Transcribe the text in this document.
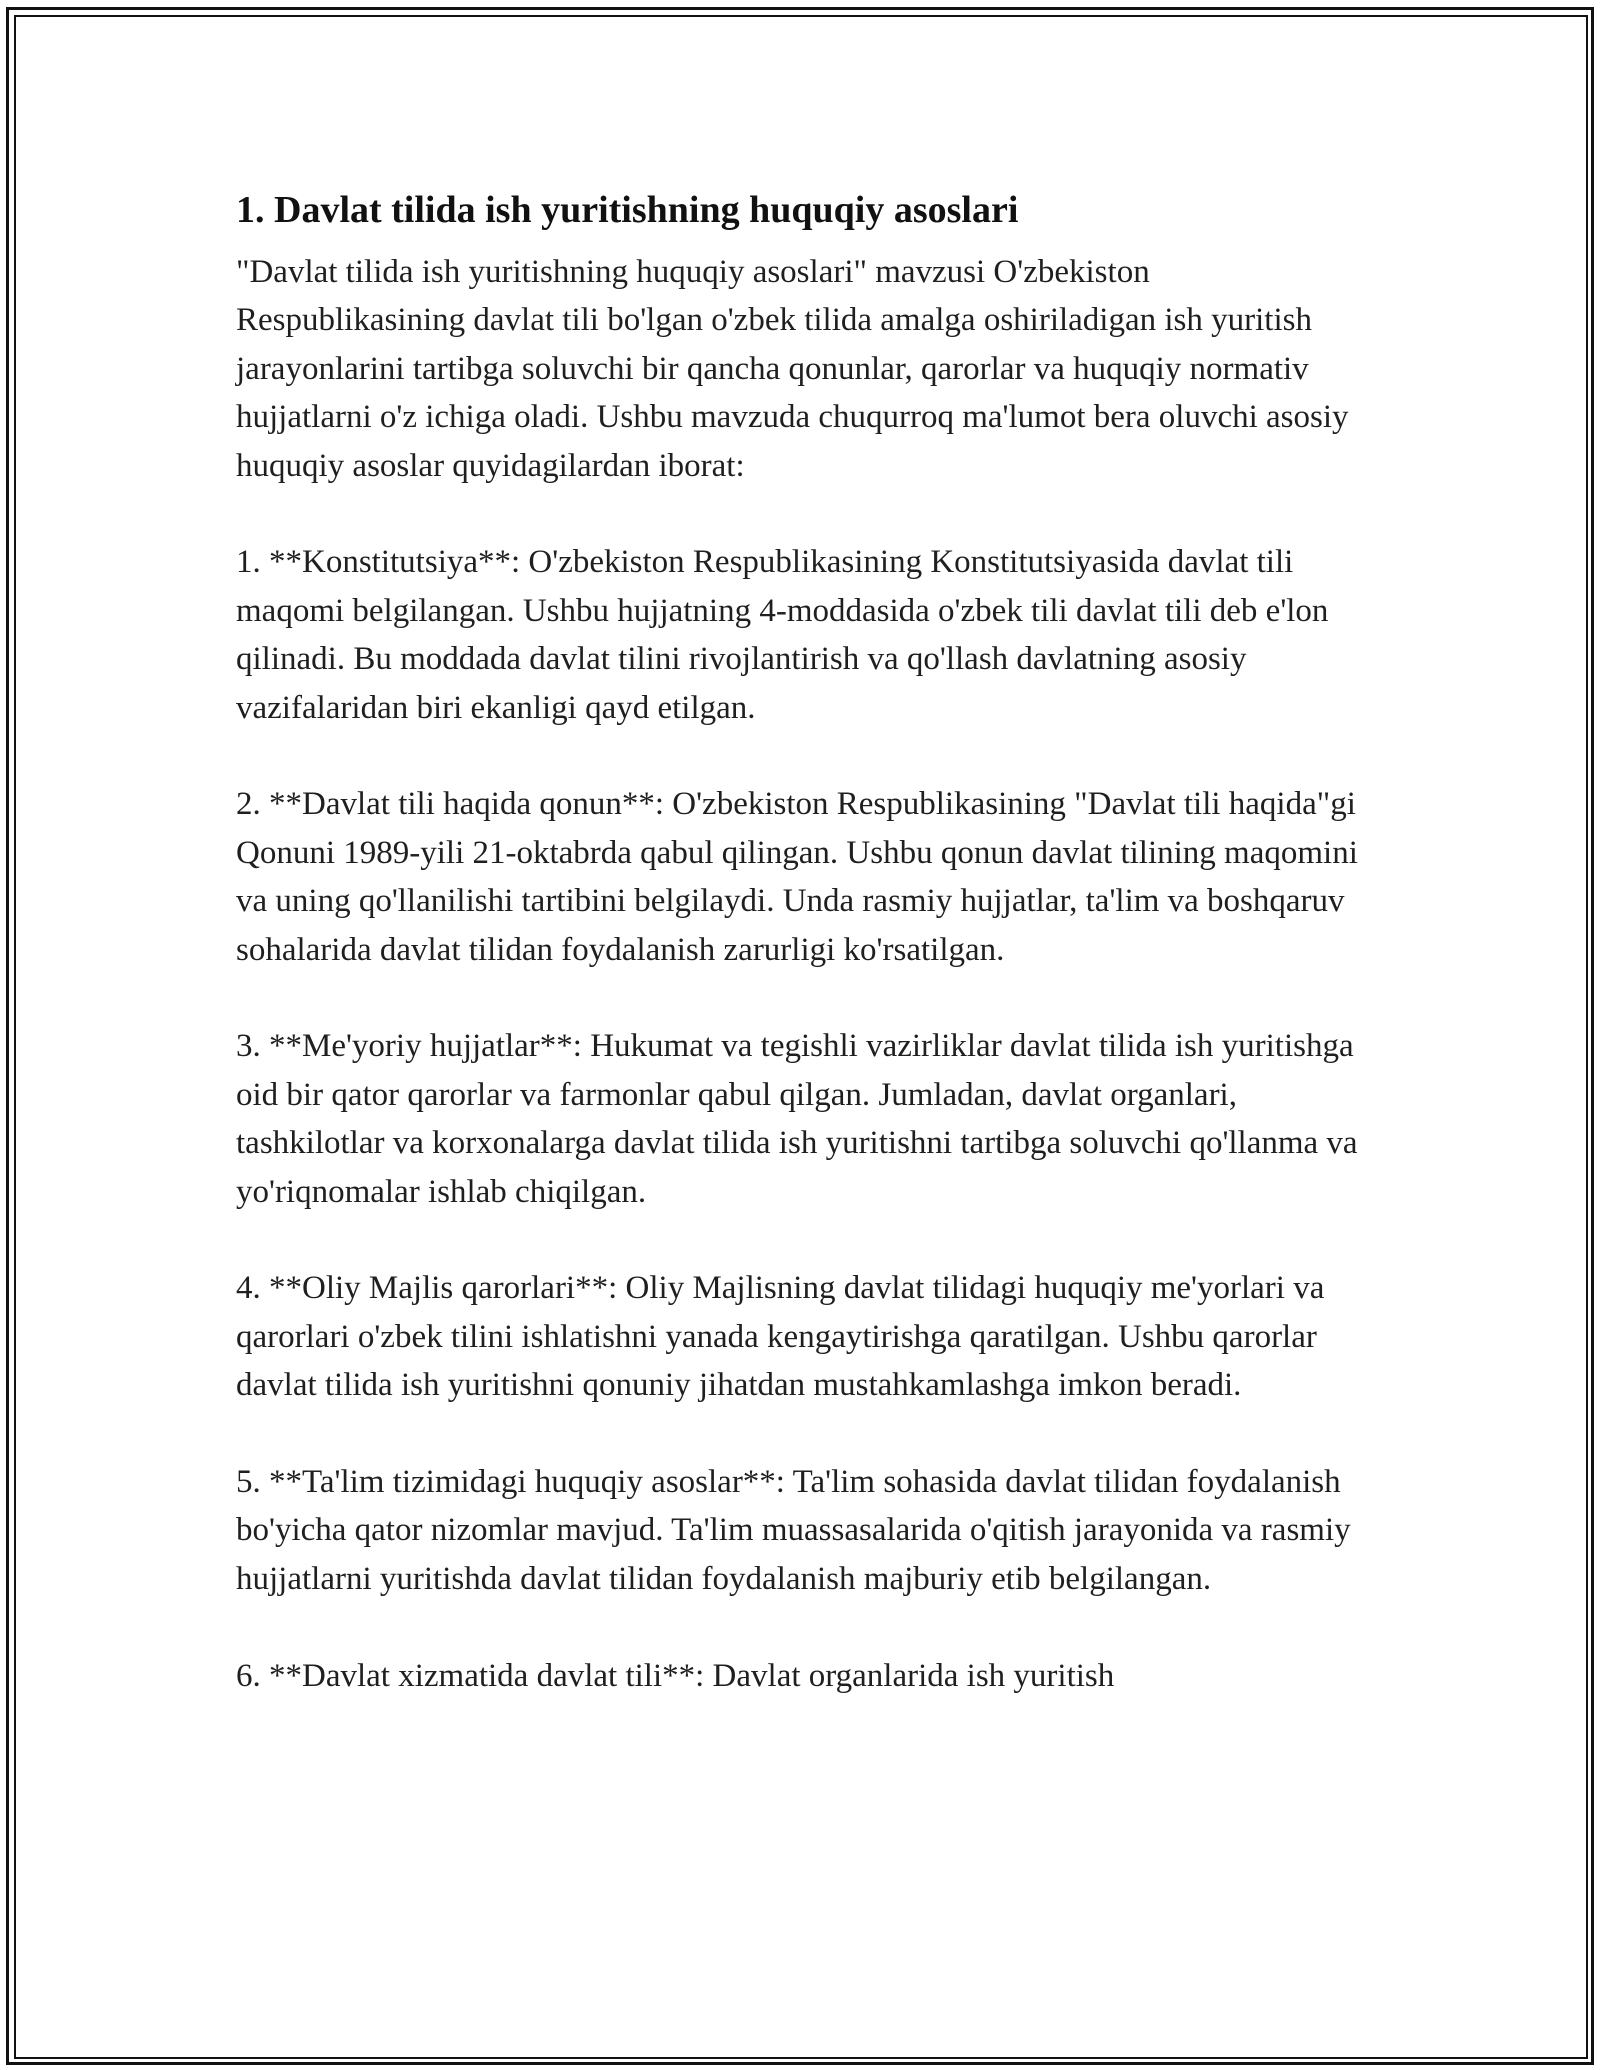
1. Davlat tilida ish yuritishning huquqiy asoslari

"Davlat tilida ish yuritishning huquqiy asoslari" mavzusi O'zbekiston Respublikasining davlat tili bo'lgan o'zbek tilida amalga oshiriladigan ish yuritish jarayonlarini tartibga soluvchi bir qancha qonunlar, qarorlar va huquqiy normativ hujjatlarni o'z ichiga oladi. Ushbu mavzuda chuqurroq ma'lumot bera oluvchi asosiy huquqiy asoslar quyidagilardan iborat:

1. **Konstitutsiya**: O'zbekiston Respublikasining Konstitutsiyasida davlat tili maqomi belgilangan. Ushbu hujjatning 4-moddasida o'zbek tili davlat tili deb e'lon qilinadi. Bu moddada davlat tilini rivojlantirish va qo'llash davlatning asosiy vazifalaridan biri ekanligi qayd etilgan.

2. **Davlat tili haqida qonun**: O'zbekiston Respublikasining "Davlat tili haqida"gi Qonuni 1989-yili 21-oktabrda qabul qilingan. Ushbu qonun davlat tilining maqomini va uning qo'llanilishi tartibini belgilaydi. Unda rasmiy hujjatlar, ta'lim va boshqaruv sohalarida davlat tilidan foydalanish zarurligi ko'rsatilgan.

3. **Me'yoriy hujjatlar**: Hukumat va tegishli vazirliklar davlat tilida ish yuritishga oid bir qator qarorlar va farmonlar qabul qilgan. Jumladan, davlat organlari, tashkilotlar va korxonalarga davlat tilida ish yuritishni tartibga soluvchi qo'llanma va yo'riqnomalar ishlab chiqilgan.

4. **Oliy Majlis qarorlari**: Oliy Majlisning davlat tilidagi huquqiy me'yorlari va qarorlari o'zbek tilini ishlatishni yanada kengaytirishga qaratilgan. Ushbu qarorlar davlat tilida ish yuritishni qonuniy jihatdan mustahkamlashga imkon beradi.

5. **Ta'lim tizimidagi huquqiy asoslar**: Ta'lim sohasida davlat tilidan foydalanish bo'yicha qator nizomlar mavjud. Ta'lim muassasalarida o'qitish jarayonida va rasmiy hujjatlarni yuritishda davlat tilidan foydalanish majburiy etib belgilangan.

6. **Davlat xizmatida davlat tili**: Davlat organlarida ish yuritish
